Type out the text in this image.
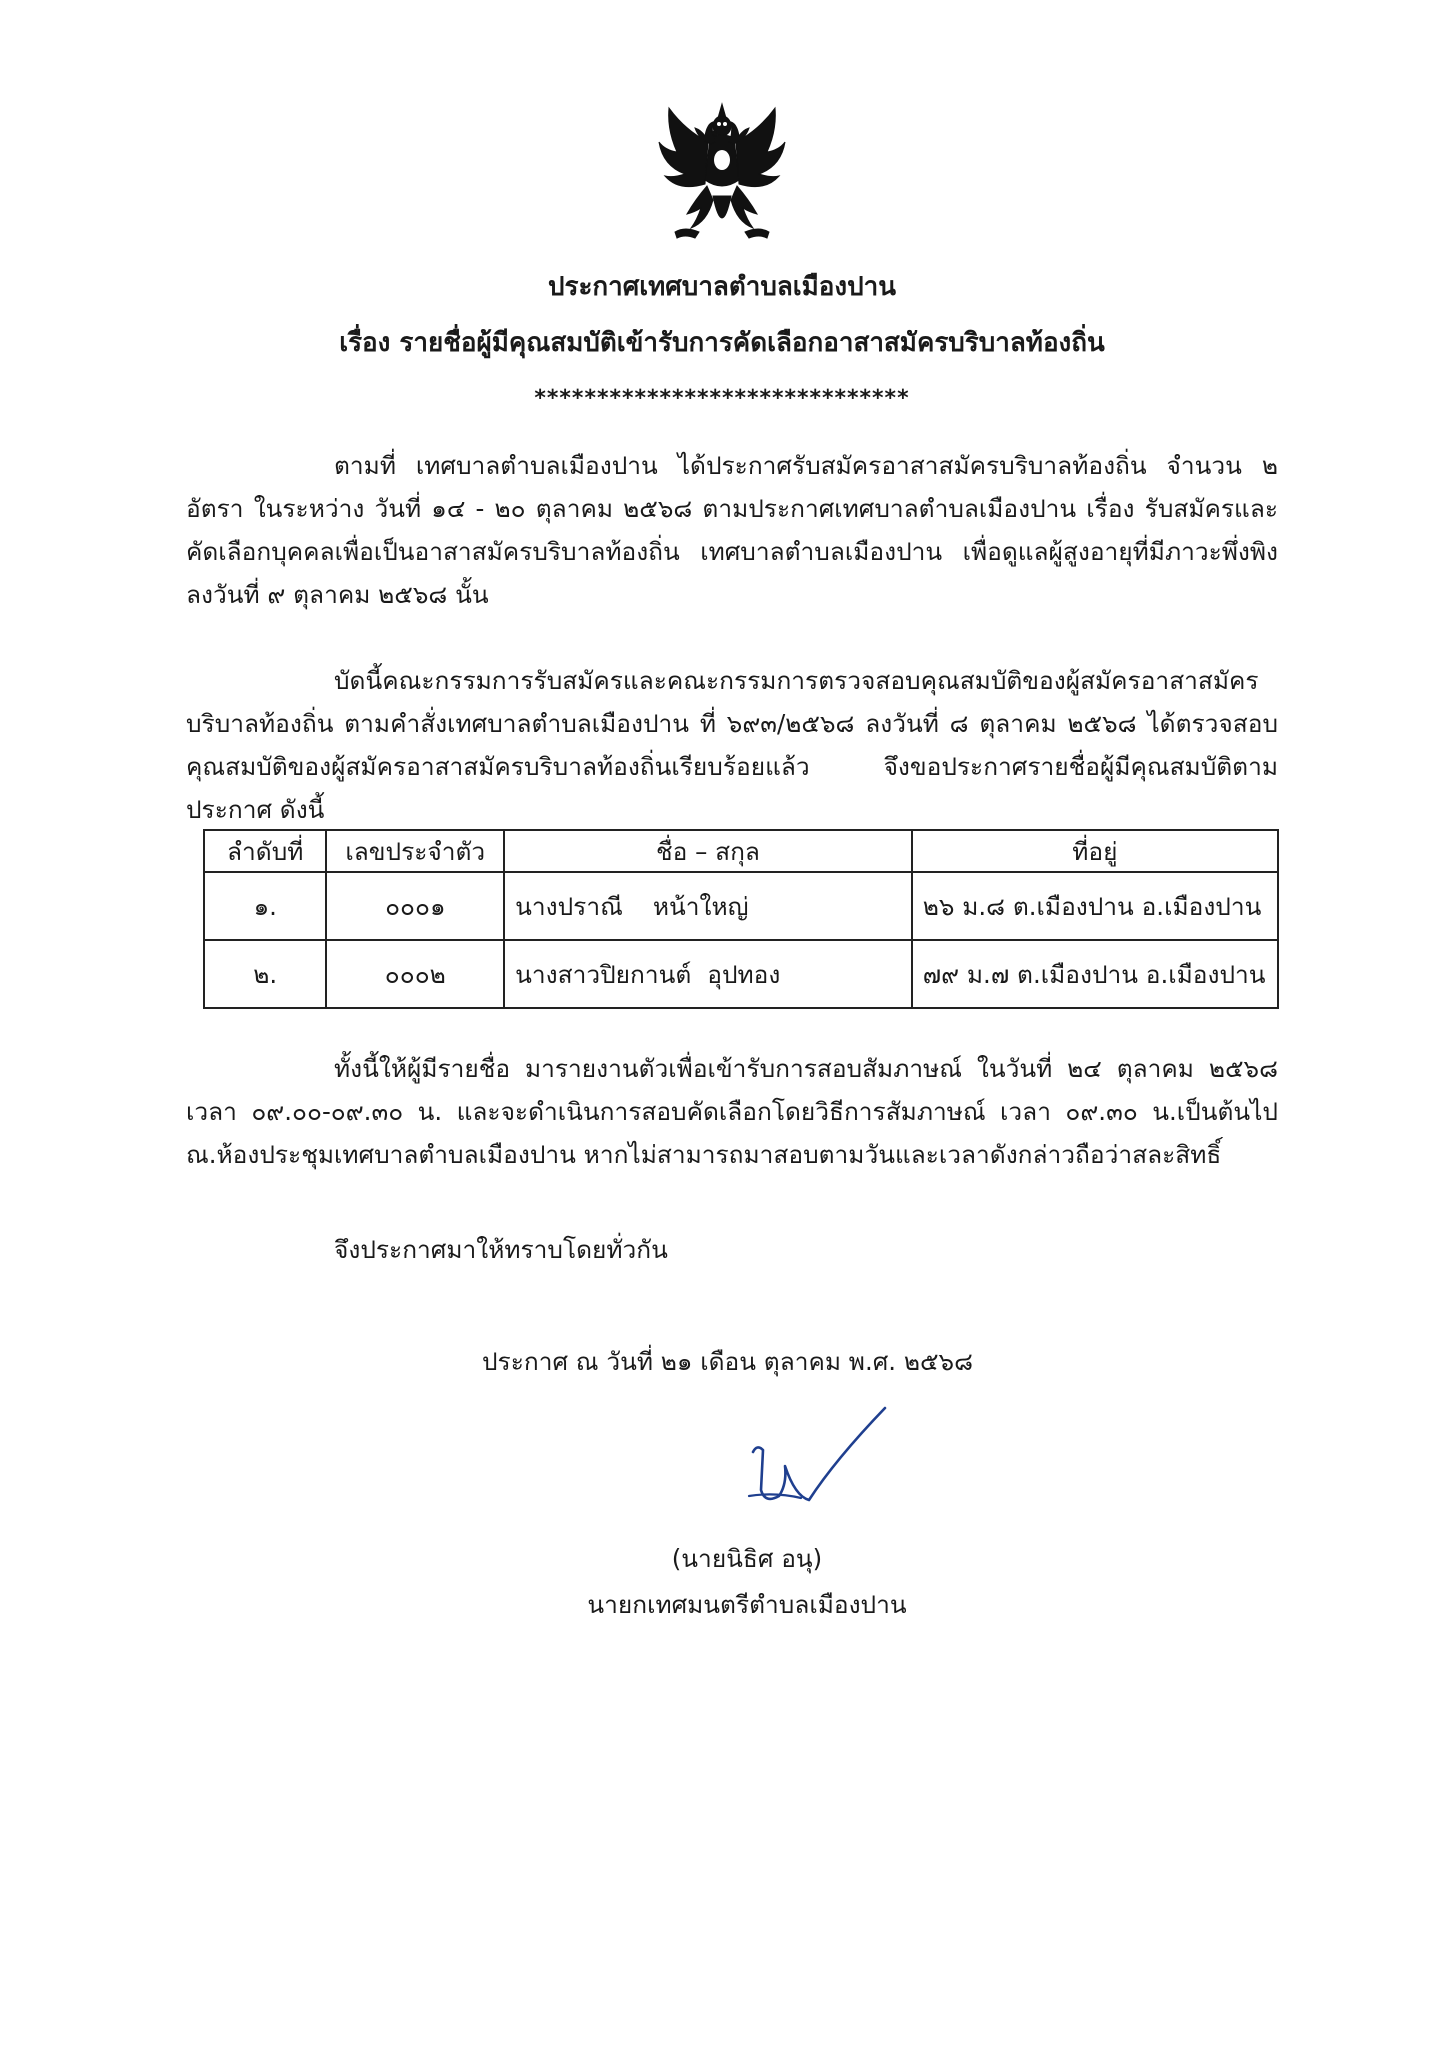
ประกาศเทศบาลตำบลเมืองปาน
เรื่อง รายชื่อผู้มีคุณสมบัติเข้ารับการคัดเลือกอาสาสมัครบริบาลท้องถิ่น
******************************
ตามที่ เทศบาลตำบลเมืองปาน ได้ประกาศรับสมัครอาสาสมัครบริบาลท้องถิ่น จำนวน ๒ อัตรา ในระหว่าง วันที่ ๑๔ - ๒๐ ตุลาคม ๒๕๖๘ ตามประกาศเทศบาลตำบลเมืองปาน เรื่อง รับสมัครและคัดเลือกบุคคลเพื่อเป็นอาสาสมัครบริบาลท้องถิ่น เทศบาลตำบลเมืองปาน เพื่อดูแลผู้สูงอายุที่มีภาวะพึ่งพิง ลงวันที่ ๙ ตุลาคม ๒๕๖๘ นั้น
บัดนี้คณะกรรมการรับสมัครและคณะกรรมการตรวจสอบคุณสมบัติของผู้สมัครอาสาสมัครบริบาลท้องถิ่น ตามคำสั่งเทศบาลตำบลเมืองปาน ที่ ๖๙๓/๒๕๖๘ ลงวันที่ ๘ ตุลาคม ๒๕๖๘ ได้ตรวจสอบคุณสมบัติของผู้สมัครอาสาสมัครบริบาลท้องถิ่นเรียบร้อยแล้ว จึงขอประกาศรายชื่อผู้มีคุณสมบัติตามประกาศ ดังนี้
ลำดับที่	เลขประจำตัว	ชื่อ – สกุล	ที่อยู่
๑.	๐๐๐๑	นางปราณี หน้าใหญ่	๒๖ ม.๘ ต.เมืองปาน อ.เมืองปาน
๒.	๐๐๐๒	นางสาวปิยกานต์ อุปทอง	๗๙ ม.๗ ต.เมืองปาน อ.เมืองปาน
ทั้งนี้ให้ผู้มีรายชื่อ มารายงานตัวเพื่อเข้ารับการสอบสัมภาษณ์ ในวันที่ ๒๔ ตุลาคม ๒๕๖๘ เวลา ๐๙.๐๐-๐๙.๓๐ น. และจะดำเนินการสอบคัดเลือกโดยวิธีการสัมภาษณ์ เวลา ๐๙.๓๐ น.เป็นต้นไป ณ.ห้องประชุมเทศบาลตำบลเมืองปาน หากไม่สามารถมาสอบตามวันและเวลาดังกล่าวถือว่าสละสิทธิ์
จึงประกาศมาให้ทราบโดยทั่วกัน
ประกาศ ณ วันที่ ๒๑ เดือน ตุลาคม พ.ศ. ๒๕๖๘
(นายนิธิศ อนุ)
นายกเทศมนตรีตำบลเมืองปาน
